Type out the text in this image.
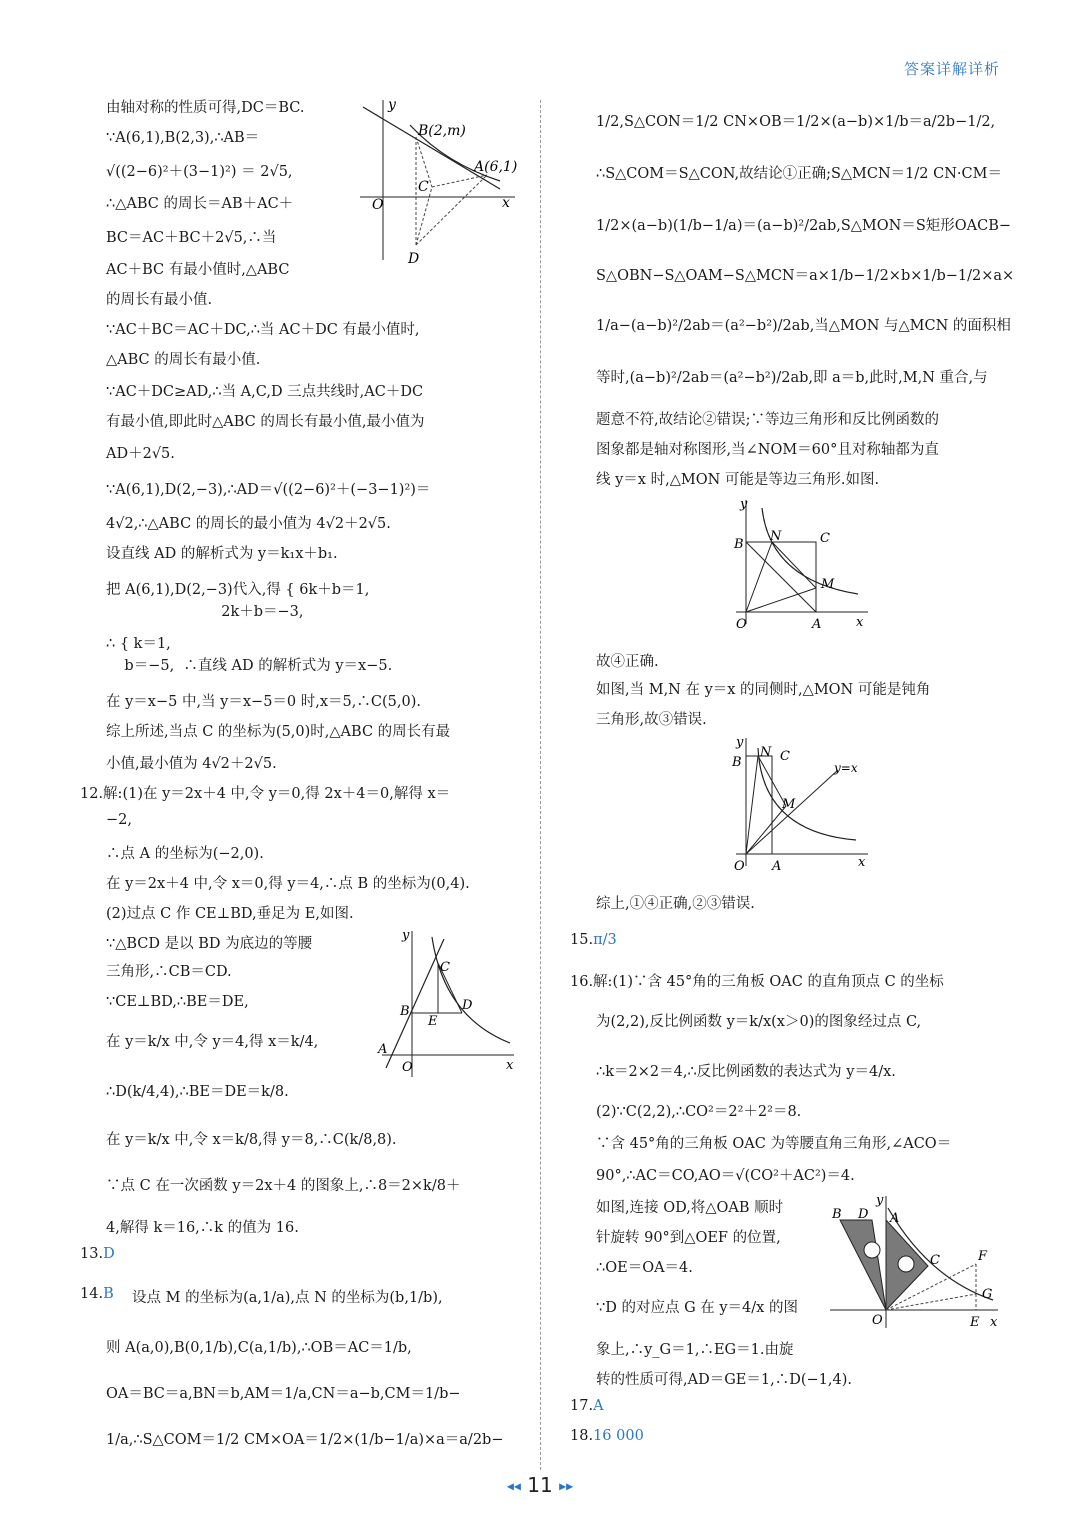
答案详解详析
由轴对称的性质可得,DC＝BC.
∵A(6,1),B(2,3),∴AB＝
√((2−6)²＋(3−1)²) ＝ 2√5,
∴△ABC 的周长＝AB＋AC＋
BC＝AC＋BC＋2√5,∴当
AC＋BC 有最小值时,△ABC
的周长有最小值.
∵AC＋BC＝AC＋DC,∴当 AC＋DC 有最小值时,
△ABC 的周长有最小值.
∵AC＋DC≥AD,∴当 A,C,D 三点共线时,AC＋DC
有最小值,即此时△ABC 的周长有最小值,最小值为
AD＋2√5.
∵A(6,1),D(2,−3),∴AD＝√((2−6)²＋(−3−1)²)＝
4√2,∴△ABC 的周长的最小值为 4√2＋2√5.
设直线 AD 的解析式为 y＝k₁x＋b₁.
把 A(6,1),D(2,−3)代入,得 { 6k＋b＝1,
2k＋b＝−3,
∴ { k＝1,
b＝−5,  ∴直线 AD 的解析式为 y＝x−5.
在 y＝x−5 中,当 y＝x−5＝0 时,x＝5,∴C(5,0).
综上所述,当点 C 的坐标为(5,0)时,△ABC 的周长有最
小值,最小值为 4√2＋2√5.
12.解:(1)在 y＝2x＋4 中,令 y＝0,得 2x＋4＝0,解得 x＝
−2,
∴点 A 的坐标为(−2,0).
在 y＝2x＋4 中,令 x＝0,得 y＝4,∴点 B 的坐标为(0,4).
(2)过点 C 作 CE⊥BD,垂足为 E,如图.
∵△BCD 是以 BD 为底边的等腰
三角形,∴CB＝CD.
∵CE⊥BD,∴BE＝DE,
在 y＝k/x 中,令 y＝4,得 x＝k/4,
∴D(k/4,4),∴BE＝DE＝k/8.
在 y＝k/x 中,令 x＝k/8,得 y＝8,∴C(k/8,8).
∵点 C 在一次函数 y＝2x＋4 的图象上,∴8＝2×k/8＋
4,解得 k＝16,∴k 的值为 16.
13.D
14.B 设点 M 的坐标为(a,1/a),点 N 的坐标为(b,1/b),
则 A(a,0),B(0,1/b),C(a,1/b),∴OB＝AC＝1/b,
OA＝BC＝a,BN＝b,AM＝1/a,CN＝a−b,CM＝1/b−
1/a,∴S△COM＝1/2 CM×OA＝1/2×(1/b−1/a)×a＝a/2b−
y
B(2,m)
A(6,1)
C
O	x
D
y
C
B	D
E
A
O	x
1/2,S△CON＝1/2 CN×OB＝1/2×(a−b)×1/b＝a/2b−1/2,
∴S△COM＝S△CON,故结论①正确;S△MCN＝1/2 CN·CM＝
1/2×(a−b)(1/b−1/a)＝(a−b)²/2ab,S△MON＝S矩形OACB−
S△OBN−S△OAM−S△MCN＝a×1/b−1/2×b×1/b−1/2×a×
1/a−(a−b)²/2ab＝(a²−b²)/2ab,当△MON 与△MCN 的面积相
等时,(a−b)²/2ab＝(a²−b²)/2ab,即 a＝b,此时,M,N 重合,与
题意不符,故结论②错误;∵等边三角形和反比例函数的
图象都是轴对称图形,当∠NOM＝60°且对称轴都为直
线 y＝x 时,△MON 可能是等边三角形.如图.
故④正确.
如图,当 M,N 在 y＝x 的同侧时,△MON 可能是钝角
三角形,故③错误.
综上,①④正确,②③错误.
15.π/3
16.解:(1)∵含 45°角的三角板 OAC 的直角顶点 C 的坐标
为(2,2),反比例函数 y＝k/x(x＞0)的图象经过点 C,
∴k＝2×2＝4,∴反比例函数的表达式为 y＝4/x.
(2)∵C(2,2),∴CO²＝2²＋2²＝8.
∵含 45°角的三角板 OAC 为等腰直角三角形,∠ACO＝
90°,∴AC＝CO,AO＝√(CO²＋AC²)＝4.
如图,连接 OD,将△OAB 顺时
针旋转 90°到△OEF 的位置,
∴OE＝OA＝4.
∵D 的对应点 G 在 y＝4/x 的图
象上,∴y_G＝1,∴EG＝1.由旋
转的性质可得,AD＝GE＝1,∴D(−1,4).
17.A
18.16 000
y
B
N	C
M
O	A	x
y
B
N C
y=x
M
O A	x
B D
y
A
C	F
G
O	E x
◂◂ 11 ▸▸
